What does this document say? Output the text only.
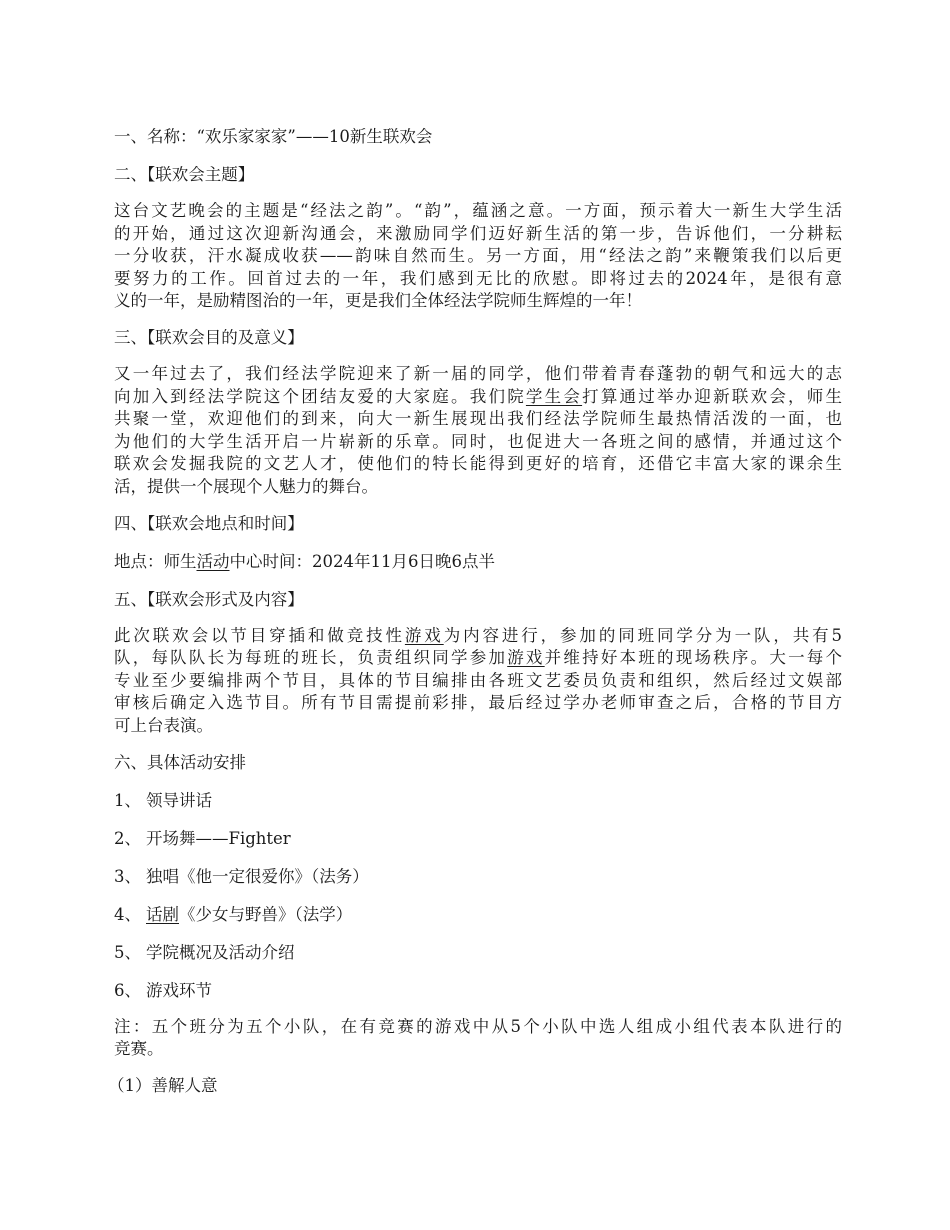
一、名称：“欢乐家家家”——10新生联欢会
二、【联欢会主题】
这台文艺晚会的主题是“经法之韵”。“韵”，蕴涵之意。一方面，预示着大一新生大学生活
的开始，通过这次迎新沟通会，来激励同学们迈好新生活的第一步，告诉他们，一分耕耘
一分收获，汗水凝成收获——韵味自然而生。另一方面，用“经法之韵”来鞭策我们以后更
要努力的工作。回首过去的一年，我们感到无比的欣慰。即将过去的2024年，是很有意
义的一年，是励精图治的一年，更是我们全体经法学院师生辉煌的一年！
三、【联欢会目的及意义】
又一年过去了，我们经法学院迎来了新一届的同学，他们带着青春蓬勃的朝气和远大的志
向加入到经法学院这个团结友爱的大家庭。我们院学生会打算通过举办迎新联欢会，师生
共聚一堂，欢迎他们的到来，向大一新生展现出我们经法学院师生最热情活泼的一面，也
为他们的大学生活开启一片崭新的乐章。同时，也促进大一各班之间的感情，并通过这个
联欢会发掘我院的文艺人才，使他们的特长能得到更好的培育，还借它丰富大家的课余生
活，提供一个展现个人魅力的舞台。
四、【联欢会地点和时间】
地点：师生活动中心时间：2024年11月6日晚6点半
五、【联欢会形式及内容】
此次联欢会以节目穿插和做竞技性游戏为内容进行，参加的同班同学分为一队，共有5
队，每队队长为每班的班长，负责组织同学参加游戏并维持好本班的现场秩序。大一每个
专业至少要编排两个节目，具体的节目编排由各班文艺委员负责和组织，然后经过文娱部
审核后确定入选节目。所有节目需提前彩排，最后经过学办老师审查之后，合格的节目方
可上台表演。
六、具体活动安排
1、 领导讲话
2、 开场舞——Fighter
3、 独唱《他一定很爱你》（法务）
4、 话剧《少女与野兽》（法学）
5、 学院概况及活动介绍
6、 游戏环节
注：五个班分为五个小队，在有竞赛的游戏中从5个小队中选人组成小组代表本队进行的
竞赛。
（1）善解人意
